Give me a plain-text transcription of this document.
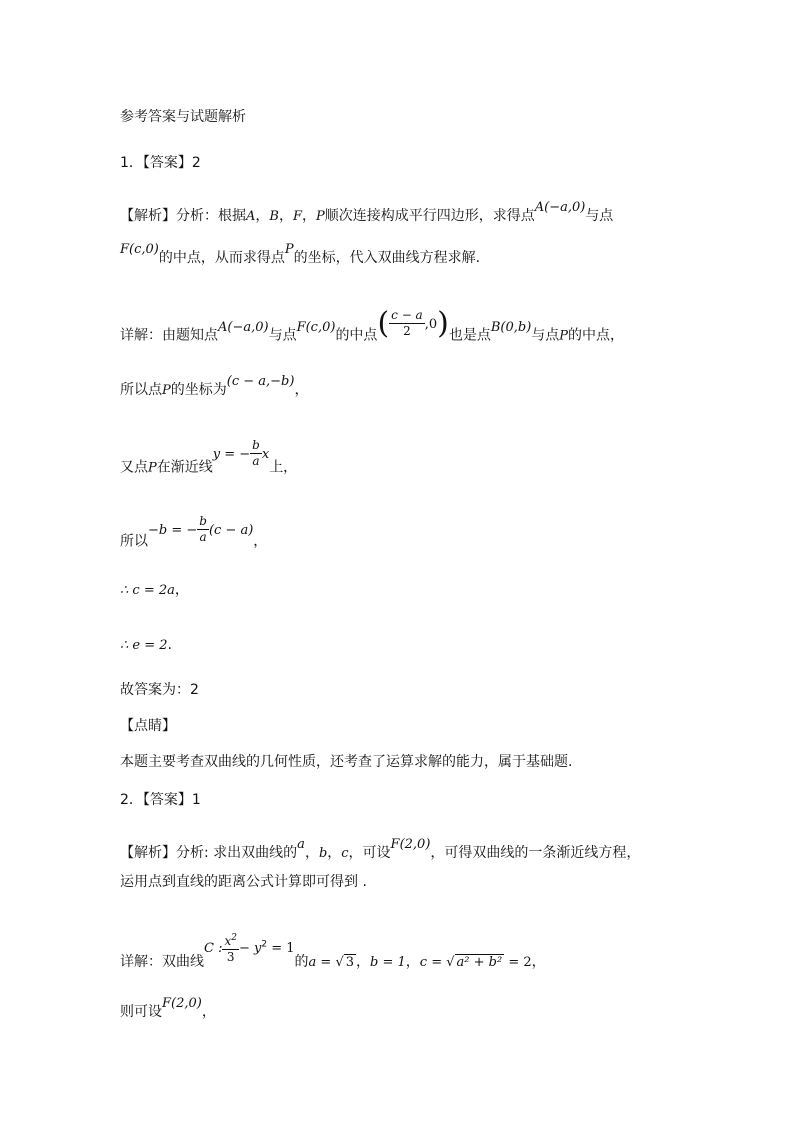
参考答案与试题解析
1．【答案】2
【解析】分析：根据A，B，F，P顺次连接构成平行四边形，求得点A(−a,0)与点
F(c,0)的中点，从而求得点P的坐标，代入双曲线方程求解.
详解：由题知点A(−a,0)与点F(c,0)的中点( $\frac{c - a}{2} ,0$)也是点B(0,b)与点P的中点，
所以点P的坐标为(c − a,−b)，
又点P在渐近线y = − $\frac{b}{a}$ x上，
所以−b = − $\frac{b}{a} (c - a)$，
∴ c = 2a，
∴ e = 2.
故答案为：2
【点睛】
本题主要考查双曲线的几何性质，还考查了运算求解的能力，属于基础题.
2．【答案】1
【解析】分析: 求出双曲线的a，b，c，可设F(2,0)，可得双曲线的一条渐近线方程，
运用点到直线的距离公式计算即可得到 .
详解：双曲线C : $\frac{x^2}{3} - y^2 = 1$的a = √ 3 ，b = 1，c = √ a² + b² = 2，
则可设F(2,0)，
